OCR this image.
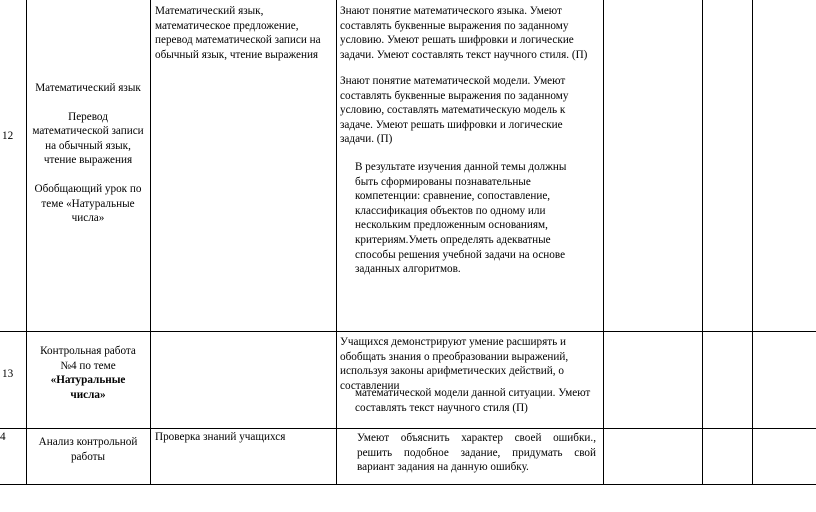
12

Математический язык

Перевод математической записи на обычный язык, чтение выражения

Обобщающий урок по теме «Натуральные числа»

Математический язык, математическое предложение, перевод математической записи на обычный язык, чтение выражения

Знают понятие математического языка. Умеют составлять буквенные выражения по заданному условию. Умеют решать шифровки и логические задачи. Умеют составлять текст научного стиля. (П)

Знают понятие математической модели. Умеют составлять буквенные выражения по заданному условию, составлять математическую модель к задаче. Умеют решать шифровки и логические задачи. (П)

В результате изучения данной темы должны быть сформированы познавательные компетенции: сравнение, сопоставление, классификация объектов по одному или нескольким предложенным основаниям, критериям.Уметь определять адекватные способы решения учебной задачи на основе заданных алгоритмов.

13

Контрольная работа №4 по теме

«Натуральные числа»

Учащихся демонстрируют умение расширять и обобщать знания о преобразовании выражений, используя законы арифметических действий, о составлении

математической модели данной ситуации. Умеют составлять текст научного стиля (П)

4	Анализ контрольной работы

Проверка знаний учащихся	Умеют объяснить характер своей ошибки., решить подобное задание, придумать свой вариант задания на данную ошибку.
